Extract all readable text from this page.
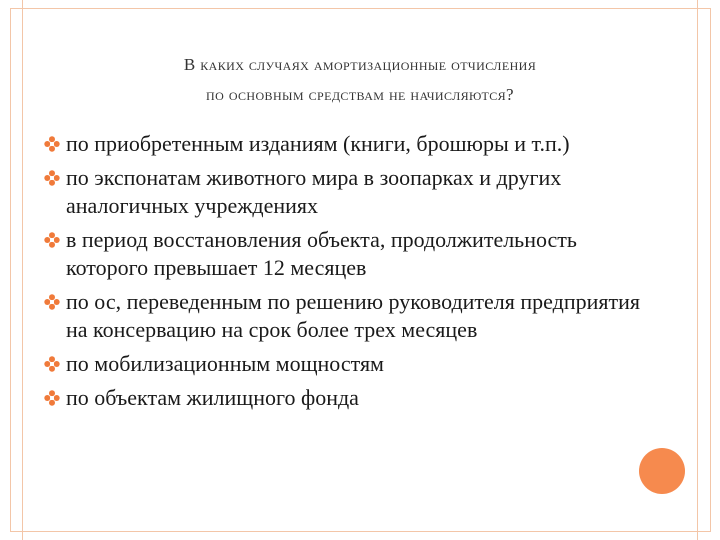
В каких случаях амортизационные отчисления
по основным средствам не начисляются?
по приобретенным изданиям (книги, брошюры и т.п.)
по экспонатам животного мира в зоопарках и других аналогичных учреждениях
в период восстановления объекта, продолжительность которого превышает 12 месяцев
по ос, переведенным по решению руководителя предприятия на консервацию на срок более трех месяцев
по мобилизационным мощностям
по объектам жилищного фонда
